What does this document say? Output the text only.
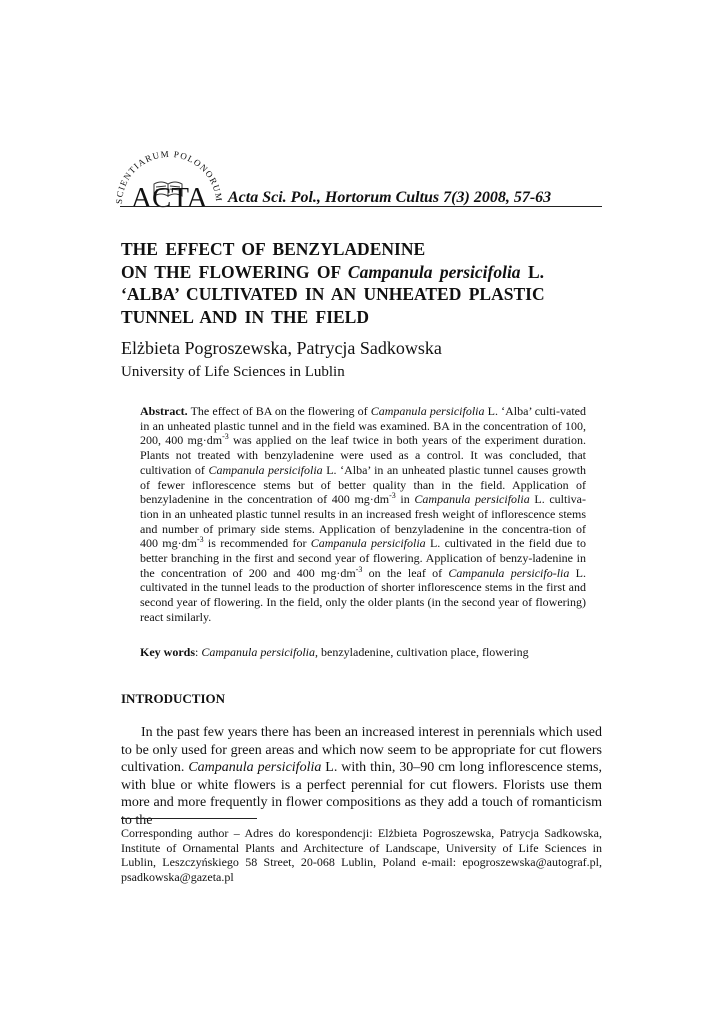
SCIENTIARUM POLONORUM
ACTA Acta Sci. Pol., Hortorum Cultus 7(3) 2008, 57-63
THE EFFECT OF BENZYLADENINE
ON THE FLOWERING OF Campanula persicifolia L.
‘ALBA’ CULTIVATED IN AN UNHEATED PLASTIC
TUNNEL AND IN THE FIELD
Elżbieta Pogroszewska, Patrycja Sadkowska
University of Life Sciences in Lublin

Abstract. The effect of BA on the flowering of Campanula persicifolia L. ‘Alba’ culti-vated in an unheated plastic tunnel and in the field was examined. BA in the concentration of 100, 200, 400 $mg\cdot dm^{-3}$ was applied on the leaf twice in both years of the experiment duration. Plants not treated with benzyladenine were used as a control. It was concluded, that cultivation of Campanula persicifolia L. ‘Alba’ in an unheated plastic tunnel causes growth of fewer inflorescence stems but of better quality than in the field. Application of benzyladenine in the concentration of 400 $mg\cdot dm^{-3}$ in Campanula persicifolia L. cultiva-tion in an unheated plastic tunnel results in an increased fresh weight of inflorescence stems and number of primary side stems. Application of benzyladenine in the concentra-tion of 400 $mg\cdot dm^{-3}$ is recommended for Campanula persicifolia L. cultivated in the field due to better branching in the first and second year of flowering. Application of benzy-ladenine in the concentration of 200 and 400 $mg\cdot dm^{-3}$ on the leaf of Campanula persicifo-lia L. cultivated in the tunnel leads to the production of shorter inflorescence stems in the first and second year of flowering. In the field, only the older plants (in the second year of flowering) react similarly.

Key words: Campanula persicifolia, benzyladenine, cultivation place, flowering

INTRODUCTION

In the past few years there has been an increased interest in perennials which used to be only used for green areas and which now seem to be appropriate for cut flowers cultivation. Campanula persicifolia L. with thin, 30–90 cm long inflorescence stems, with blue or white flowers is a perfect perennial for cut flowers. Florists use them more and more frequently in flower compositions as they add a touch of romanticism to the

Corresponding author – Adres do korespondencji: Elżbieta Pogroszewska, Patrycja Sadkowska, Institute of Ornamental Plants and Architecture of Landscape, University of Life Sciences in Lublin, Leszczyńskiego 58 Street, 20-068 Lublin, Poland e-mail: epogroszewska@autograf.pl, psadkowska@gazeta.pl
